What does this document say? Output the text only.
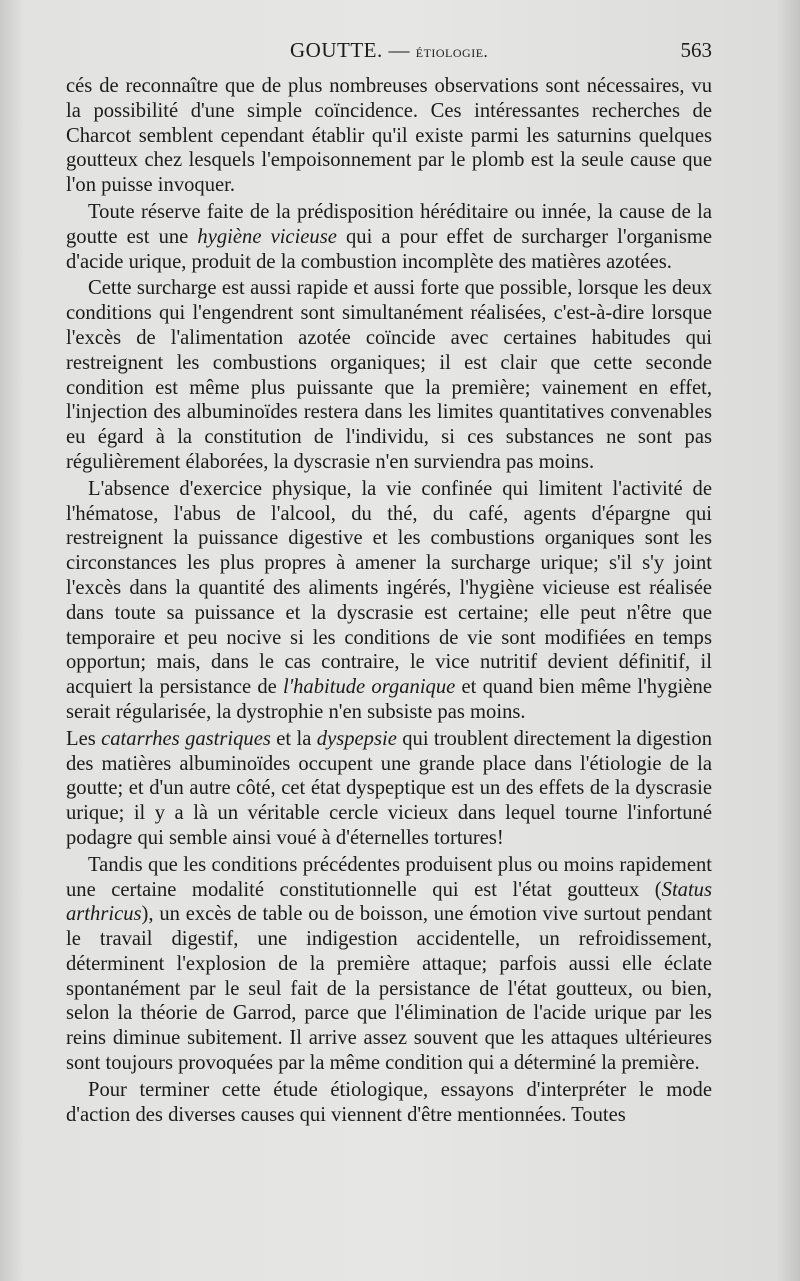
GOUTTE. — étiologie.	563

cés de reconnaître que de plus nombreuses observations sont nécessaires, vu la possibilité d'une simple coïncidence. Ces intéressantes recherches de Charcot semblent cependant établir qu'il existe parmi les saturnins quelques goutteux chez lesquels l'empoisonnement par le plomb est la seule cause que l'on puisse invoquer.

Toute réserve faite de la prédisposition héréditaire ou innée, la cause de la goutte est une hygiène vicieuse qui a pour effet de surcharger l'organisme d'acide urique, produit de la combustion incomplète des matières azotées.

Cette surcharge est aussi rapide et aussi forte que possible, lorsque les deux conditions qui l'engendrent sont simultanément réalisées, c'est-à-dire lorsque l'excès de l'alimentation azotée coïncide avec certaines habitudes qui restreignent les combustions organiques; il est clair que cette seconde condition est même plus puissante que la première; vainement en effet, l'injection des albuminoïdes restera dans les limites quantitatives convenables eu égard à la constitution de l'individu, si ces substances ne sont pas régulièrement élaborées, la dyscrasie n'en surviendra pas moins.

L'absence d'exercice physique, la vie confinée qui limitent l'activité de l'hématose, l'abus de l'alcool, du thé, du café, agents d'épargne qui restreignent la puissance digestive et les combustions organiques sont les circonstances les plus propres à amener la surcharge urique; s'il s'y joint l'excès dans la quantité des aliments ingérés, l'hygiène vicieuse est réalisée dans toute sa puissance et la dyscrasie est certaine; elle peut n'être que temporaire et peu nocive si les conditions de vie sont modifiées en temps opportun; mais, dans le cas contraire, le vice nutritif devient définitif, il acquiert la persistance de l'habitude organique et quand bien même l'hygiène serait régularisée, la dystrophie n'en subsiste pas moins.

Les catarrhes gastriques et la dyspepsie qui troublent directement la digestion des matières albuminoïdes occupent une grande place dans l'étiologie de la goutte; et d'un autre côté, cet état dyspeptique est un des effets de la dyscrasie urique; il y a là un véritable cercle vicieux dans lequel tourne l'infortuné podagre qui semble ainsi voué à d'éternelles tortures!

Tandis que les conditions précédentes produisent plus ou moins rapidement une certaine modalité constitutionnelle qui est l'état goutteux (Status arthricus), un excès de table ou de boisson, une émotion vive surtout pendant le travail digestif, une indigestion accidentelle, un refroidissement, déterminent l'explosion de la première attaque; parfois aussi elle éclate spontanément par le seul fait de la persistance de l'état goutteux, ou bien, selon la théorie de Garrod, parce que l'élimination de l'acide urique par les reins diminue subitement. Il arrive assez souvent que les attaques ultérieures sont toujours provoquées par la même condition qui a déterminé la première.

Pour terminer cette étude étiologique, essayons d'interpréter le mode d'action des diverses causes qui viennent d'être mentionnées. Toutes
